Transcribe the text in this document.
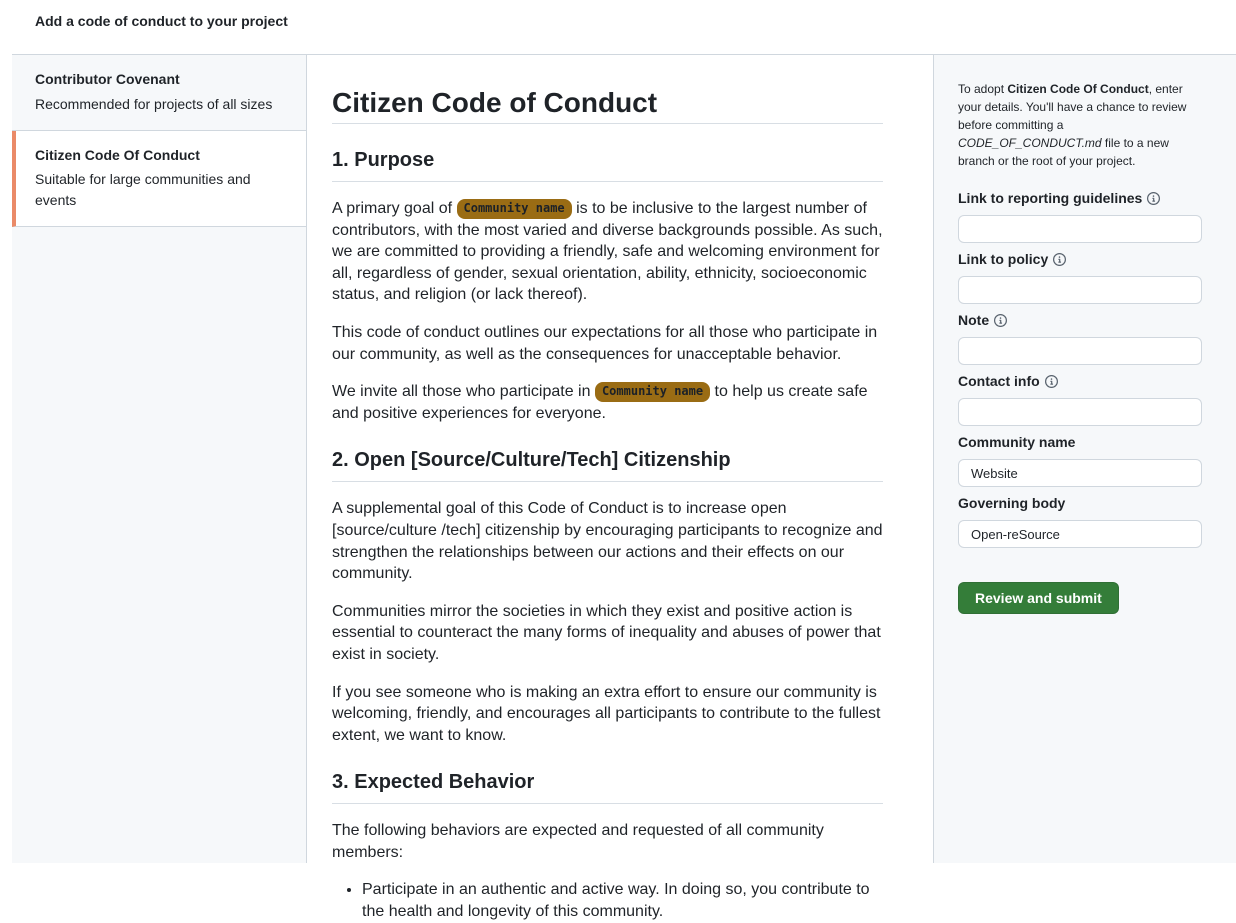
Add a code of conduct to your project
Contributor Covenant
Recommended for projects of all sizes
Citizen Code Of Conduct
Suitable for large communities and events
Citizen Code of Conduct
1. Purpose

A primary goal of Community name is to be inclusive to the largest number of contributors, with the most varied and diverse backgrounds possible. As such, we are committed to providing a friendly, safe and welcoming environment for all, regardless of gender, sexual orientation, ability, ethnicity, socioeconomic status, and religion (or lack thereof).

This code of conduct outlines our expectations for all those who participate in our community, as well as the consequences for unacceptable behavior.

We invite all those who participate in Community name to help us create safe and positive experiences for everyone.

2. Open [Source/Culture/Tech] Citizenship

A supplemental goal of this Code of Conduct is to increase open [source/culture /tech] citizenship by encouraging participants to recognize and strengthen the relationships between our actions and their effects on our community.

Communities mirror the societies in which they exist and positive action is essential to counteract the many forms of inequality and abuses of power that exist in society.

If you see someone who is making an extra effort to ensure our community is welcoming, friendly, and encourages all participants to contribute to the fullest extent, we want to know.

3. Expected Behavior

The following behaviors are expected and requested of all community members:

• Participate in an authentic and active way. In doing so, you contribute to the health and longevity of this community.

To adopt Citizen Code Of Conduct, enter your details. You'll have a chance to review before committing a CODE_OF_CONDUCT.md file to a new branch or the root of your project.

Link to reporting guidelines
Link to policy
Note
Contact info
Community name
Website
Governing body
Open-reSource
Review and submit
